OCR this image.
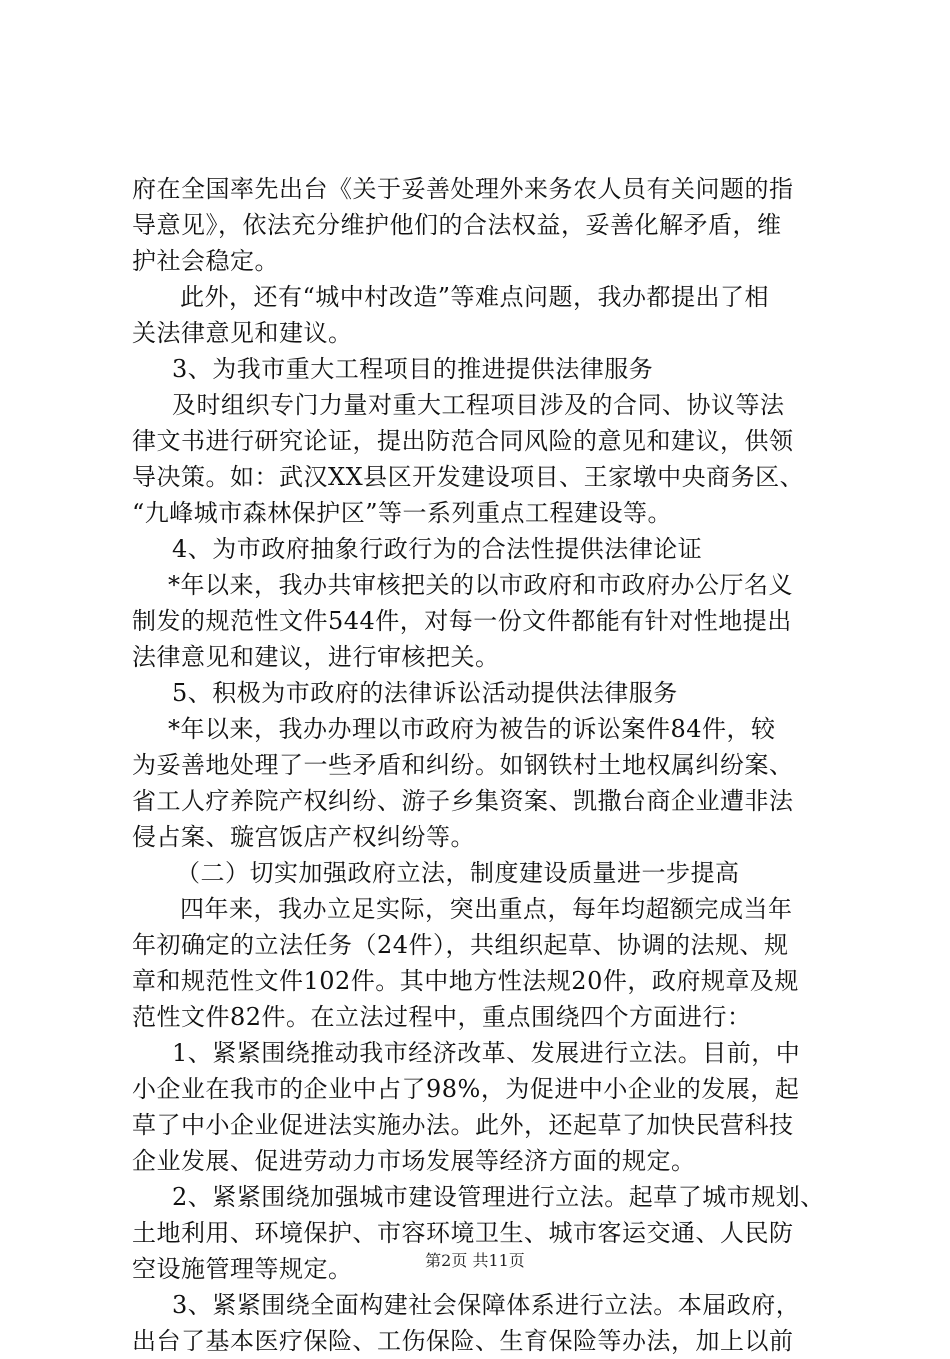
府在全国率先出台《关于妥善处理外来务农人员有关问题的指
导意见》，依法充分维护他们的合法权益，妥善化解矛盾，维
护社会稳定。
此外，还有“城中村改造”等难点问题，我办都提出了相
关法律意见和建议。
3、为我市重大工程项目的推进提供法律服务
及时组织专门力量对重大工程项目涉及的合同、协议等法
律文书进行研究论证，提出防范合同风险的意见和建议，供领
导决策。如：武汉XX县区开发建设项目、王家墩中央商务区、
“九峰城市森林保护区”等一系列重点工程建设等。
4、为市政府抽象行政行为的合法性提供法律论证
*年以来，我办共审核把关的以市政府和市政府办公厅名义
制发的规范性文件544件，对每一份文件都能有针对性地提出
法律意见和建议，进行审核把关。
5、积极为市政府的法律诉讼活动提供法律服务
*年以来，我办办理以市政府为被告的诉讼案件84件，较
为妥善地处理了一些矛盾和纠纷。如钢铁村土地权属纠纷案、
省工人疗养院产权纠纷、游子乡集资案、凯撒台商企业遭非法
侵占案、璇宫饭店产权纠纷等。
（二）切实加强政府立法，制度建设质量进一步提高
四年来，我办立足实际，突出重点，每年均超额完成当年
年初确定的立法任务（24件），共组织起草、协调的法规、规
章和规范性文件102件。其中地方性法规20件，政府规章及规
范性文件82件。在立法过程中，重点围绕四个方面进行：
1、紧紧围绕推动我市经济改革、发展进行立法。目前，中
小企业在我市的企业中占了98%，为促进中小企业的发展，起
草了中小企业促进法实施办法。此外，还起草了加快民营科技
企业发展、促进劳动力市场发展等经济方面的规定。
2、紧紧围绕加强城市建设管理进行立法。起草了城市规划、
土地利用、环境保护、市容环境卫生、城市客运交通、人民防
空设施管理等规定。
3、紧紧围绕全面构建社会保障体系进行立法。本届政府，
出台了基本医疗保险、工伤保险、生育保险等办法，加上以前
第2页 共11页
